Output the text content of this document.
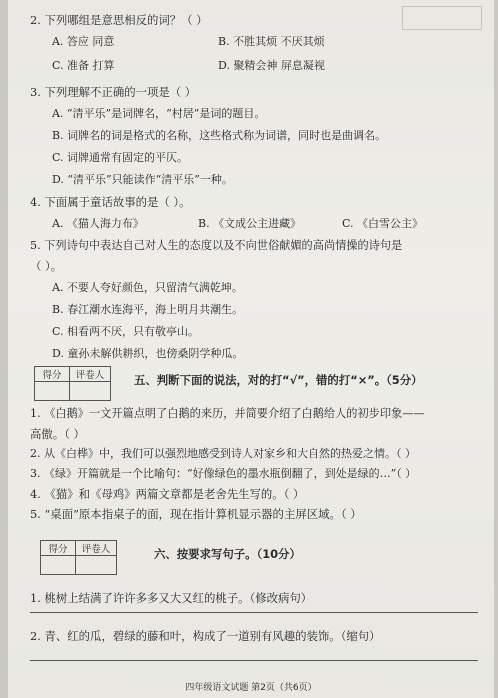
2. 下列哪组是意思相反的词？（ ）
A. 答应 同意	B. 不胜其烦 不厌其烦
C. 准备 打算	D. 聚精会神 屏息凝视
3. 下列理解不正确的一项是（ ）
A. “清平乐”是词牌名，“村居”是词的题目。
B. 词牌名的词是格式的名称，这些格式称为词谱，同时也是曲调名。
C. 词牌通常有固定的平仄。
D. “清平乐”只能读作“清平乐”一种。
4. 下面属于童话故事的是（ ）。
A. 《猫人海力布》	B. 《文成公主进藏》	C. 《白雪公主》
5. 下列诗句中表达自己对人生的态度以及不向世俗献媚的高尚情操的诗句是
（ ）。
A. 不要人夸好颜色，只留清气满乾坤。
B. 春江潮水连海平，海上明月共潮生。
C. 相看两不厌，只有敬亭山。
D. 童孙未解供耕织，也傍桑阴学种瓜。
得分	评卷人
		五、判断下面的说法，对的打“√”，错的打“×”。（5分）
1. 《白鹅》一文开篇点明了白鹅的来历，并简要介绍了白鹅给人的初步印象——
高傲。（ ）
2. 从《白桦》中，我们可以强烈地感受到诗人对家乡和大自然的热爱之情。（ ）
3. 《绿》开篇就是一个比喻句：“好像绿色的墨水瓶倒翻了，到处是绿的…”（ ）
4. 《猫》和《母鸡》两篇文章都是老舍先生写的。（ ）
5. “桌面”原本指桌子的面，现在指计算机显示器的主屏区域。（ ）
得分	评卷人
		六、按要求写句子。（10分）
1. 桃树上结满了许许多多又大又红的桃子。（修改病句）
2. 青、红的瓜，碧绿的藤和叶，构成了一道别有风趣的装饰。（缩句）
四年级语文试题 第2页（共6页）
